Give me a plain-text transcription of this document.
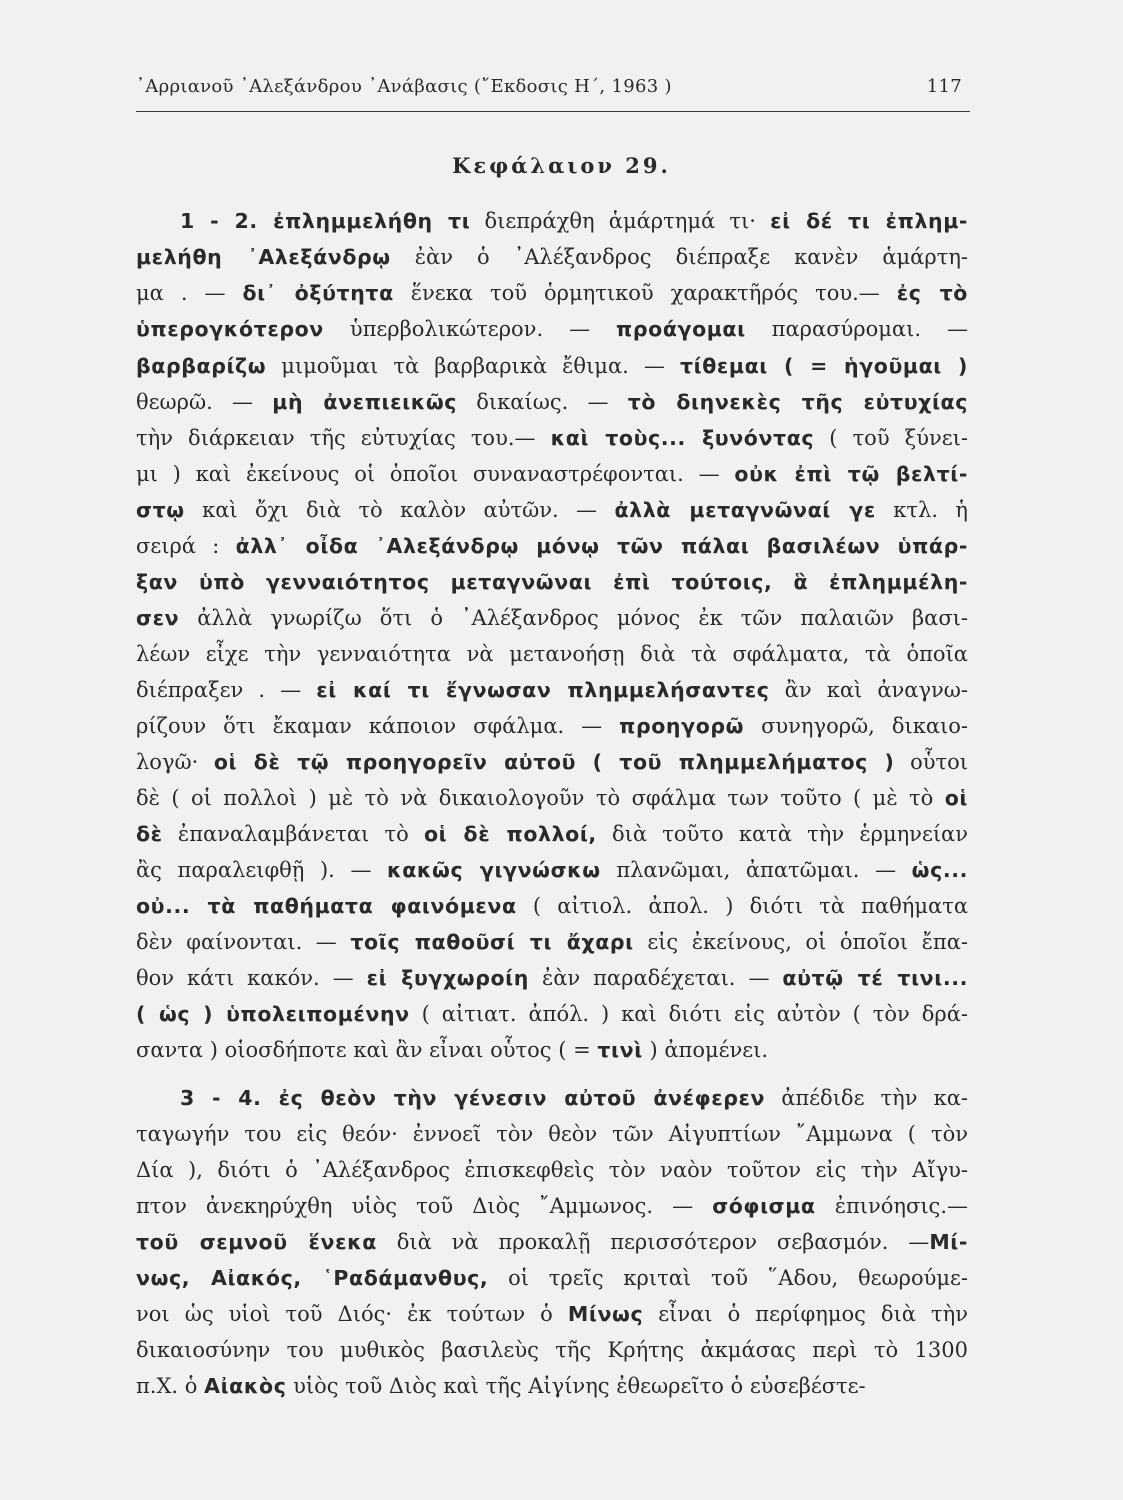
᾿Αρριανοῦ ᾿Αλεξάνδρου ᾿Ανάβασις (῎Εκδοσις Η΄, 1963 )	117
Κεφάλαιον 29.
1 - 2. ἐπλημμελήθη τι διεπράχθη ἁμάρτημά τι· εἰ δέ τι ἐπλημ-
μελήθη ᾿Αλεξάνδρῳ ἐὰν ὁ ᾿Αλέξανδρος διέπραξε κανὲν ἁμάρτη-
μα . — δι᾿ ὀξύτητα ἕνεκα τοῦ ὁρμητικοῦ χαρακτῆρός του.— ἐς τὸ
ὑπερογκότερον ὑπερβολικώτερον. — προάγομαι παρασύρομαι. —
βαρβαρίζω μιμοῦμαι τὰ βαρβαρικὰ ἔθιμα. — τίθεμαι ( = ἡγοῦμαι )
θεωρῶ. — μὴ ἀνεπιεικῶς δικαίως. — τὸ διηνεκὲς τῆς εὐτυχίας
τὴν διάρκειαν τῆς εὐτυχίας του.— καὶ τοὺς... ξυνόντας ( τοῦ ξύνει-
μι ) καὶ ἐκείνους οἱ ὁποῖοι συναναστρέφονται. — οὐκ ἐπὶ τῷ βελτί-
στῳ καὶ ὄχι διὰ τὸ καλὸν αὐτῶν. — ἀλλὰ μεταγνῶναί γε κτλ. ἡ
σειρά : ἀλλ᾿ οἶδα ᾿Αλεξάνδρῳ μόνῳ τῶν πάλαι βασιλέων ὑπάρ-
ξαν ὑπὸ γενναιότητος μεταγνῶναι ἐπὶ τούτοις, ἃ ἐπλημμέλη-
σεν ἀλλὰ γνωρίζω ὅτι ὁ ᾿Αλέξανδρος μόνος ἐκ τῶν παλαιῶν βασι-
λέων εἶχε τὴν γενναιότητα νὰ μετανοήσῃ διὰ τὰ σφάλματα, τὰ ὁποῖα
διέπραξεν . — εἰ καί τι ἔγνωσαν πλημμελήσαντες ἂν καὶ ἀναγνω-
ρίζουν ὅτι ἔκαμαν κάποιον σφάλμα. — προηγορῶ συνηγορῶ, δικαιο-
λογῶ· οἱ δὲ τῷ προηγορεῖν αὐτοῦ ( τοῦ πλημμελήματος ) οὗτοι
δὲ ( οἱ πολλοὶ ) μὲ τὸ νὰ δικαιολογοῦν τὸ σφάλμα των τοῦτο ( μὲ τὸ οἱ
δὲ ἐπαναλαμβάνεται τὸ οἱ δὲ πολλοί, διὰ τοῦτο κατὰ τὴν ἑρμηνείαν
ἂς παραλειφθῇ ). — κακῶς γιγνώσκω πλανῶμαι, ἀπατῶμαι. — ὡς...
οὐ... τὰ παθήματα φαινόμενα ( αἰτιολ. ἀπολ. ) διότι τὰ παθήματα
δὲν φαίνονται. — τοῖς παθοῦσί τι ἄχαρι εἰς ἐκείνους, οἱ ὁποῖοι ἔπα-
θον κάτι κακόν. — εἰ ξυγχωροίη ἐὰν παραδέχεται. — αὐτῷ τέ τινι...
( ὡς ) ὑπολειπομένην ( αἰτιατ. ἀπόλ. ) καὶ διότι εἰς αὐτὸν ( τὸν δρά-
σαντα ) οἱοσδήποτε καὶ ἂν εἶναι οὗτος ( = τινὶ ) ἀπομένει.
3 - 4. ἐς θεὸν τὴν γένεσιν αὐτοῦ ἀνέφερεν ἀπέδιδε τὴν κα-
ταγωγήν του εἰς θεόν· ἐννοεῖ τὸν θεὸν τῶν Αἰγυπτίων ῎Αμμωνα ( τὸν
Δία ), διότι ὁ ᾿Αλέξανδρος ἐπισκεφθεὶς τὸν ναὸν τοῦτον εἰς τὴν Αἴγυ-
πτον ἀνεκηρύχθη υἱὸς τοῦ Διὸς ῎Αμμωνος. — σόφισμα ἐπινόησις.—
τοῦ σεμνοῦ ἕνεκα διὰ νὰ προκαλῇ περισσότερον σεβασμόν. —Μί-
νως, Αἰακός, ῾Ραδάμανθυς, οἱ τρεῖς κριταὶ τοῦ ῞Αδου, θεωρούμε-
νοι ὡς υἱοὶ τοῦ Διός· ἐκ τούτων ὁ Μίνως εἶναι ὁ περίφημος διὰ τὴν
δικαιοσύνην του μυθικὸς βασιλεὺς τῆς Κρήτης ἀκμάσας περὶ τὸ 1300
π.Χ. ὁ Αἰακὸς υἱὸς τοῦ Διὸς καὶ τῆς Αἰγίνης ἐθεωρεῖτο ὁ εὐσεβέστε-
